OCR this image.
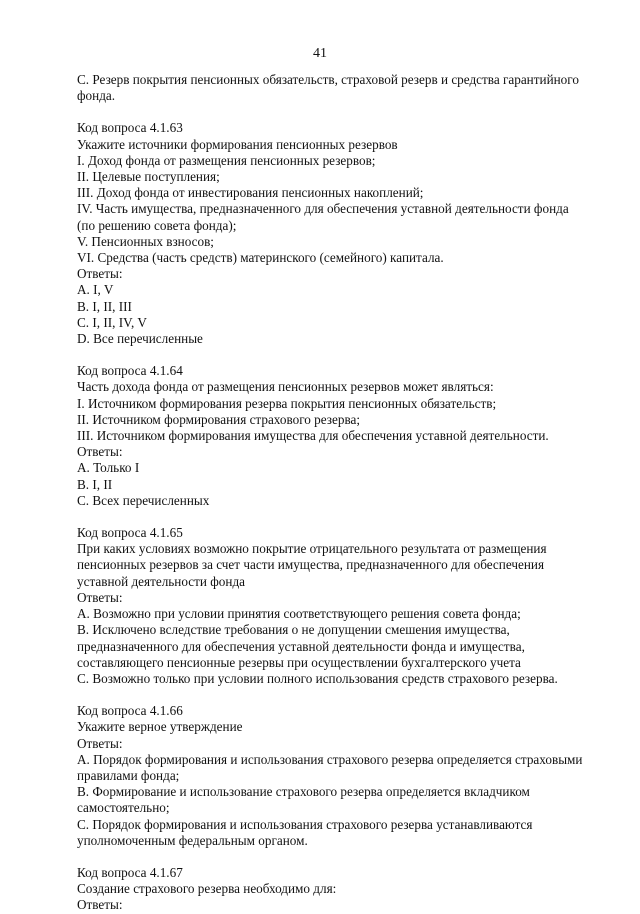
41
С. Резерв покрытия пенсионных обязательств, страховой резерв и средства гарантийного
фонда.
Код вопроса 4.1.63
Укажите источники формирования пенсионных резервов
I. Доход фонда от размещения пенсионных резервов;
II. Целевые поступления;
III. Доход фонда от инвестирования пенсионных накоплений;
IV. Часть имущества, предназначенного для обеспечения уставной деятельности фонда
(по решению совета фонда);
V. Пенсионных взносов;
VI. Средства (часть средств) материнского (семейного) капитала.
Ответы:
A. I, V
B. I, II, III
C. I, II, IV, V
D. Все перечисленные
Код вопроса 4.1.64
Часть дохода фонда от размещения пенсионных резервов может являться:
I. Источником формирования резерва покрытия пенсионных обязательств;
II. Источником формирования страхового резерва;
III. Источником формирования имущества для обеспечения уставной деятельности.
Ответы:
A. Только I
B. I, II
C. Всех перечисленных
Код вопроса 4.1.65
При каких условиях возможно покрытие отрицательного результата от размещения
пенсионных резервов за счет части имущества, предназначенного для обеспечения
уставной деятельности фонда
Ответы:
A. Возможно при условии принятия соответствующего решения совета фонда;
B. Исключено вследствие требования о не допущении смешения имущества,
предназначенного для обеспечения уставной деятельности фонда и имущества,
составляющего пенсионные резервы при осуществлении бухгалтерского учета
C. Возможно только при условии полного использования средств страхового резерва.
Код вопроса 4.1.66
Укажите верное утверждение
Ответы:
A. Порядок формирования и использования страхового резерва определяется страховыми
правилами фонда;
B. Формирование и использование страхового резерва определяется вкладчиком
самостоятельно;
C. Порядок формирования и использования страхового резерва устанавливаются
уполномоченным федеральным органом.
Код вопроса 4.1.67
Создание страхового резерва необходимо для:
Ответы:
